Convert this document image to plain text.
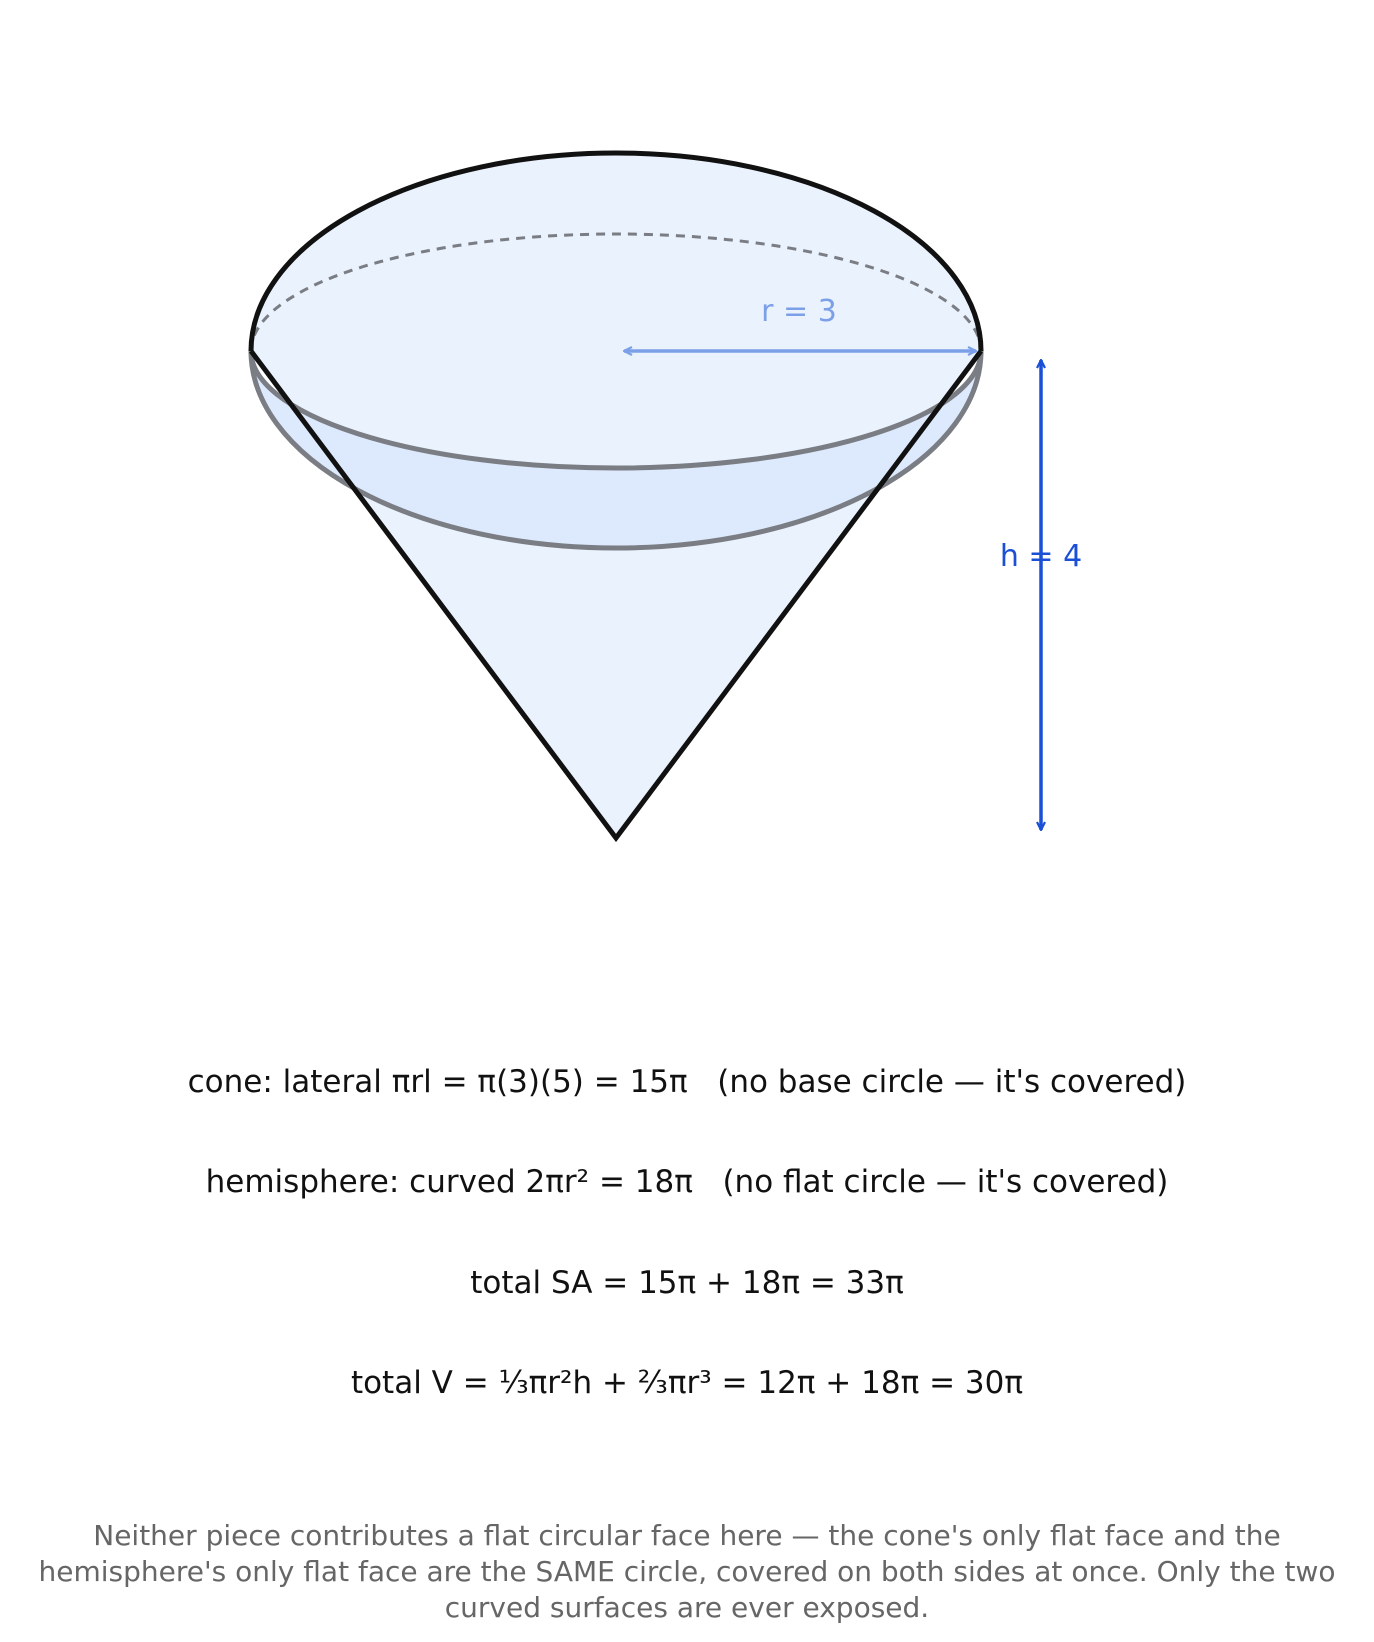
r = 3
h = 4
cone: lateral πrl = π(3)(5) = 15π   (no base circle — it's covered)
hemisphere: curved 2πr² = 18π   (no flat circle — it's covered)
total SA = 15π + 18π = 33π
total V = ⅓πr²h + ⅔πr³ = 12π + 18π = 30π
Neither piece contributes a flat circular face here — the cone's only flat face and the
hemisphere's only flat face are the SAME circle, covered on both sides at once. Only the two
curved surfaces are ever exposed.
